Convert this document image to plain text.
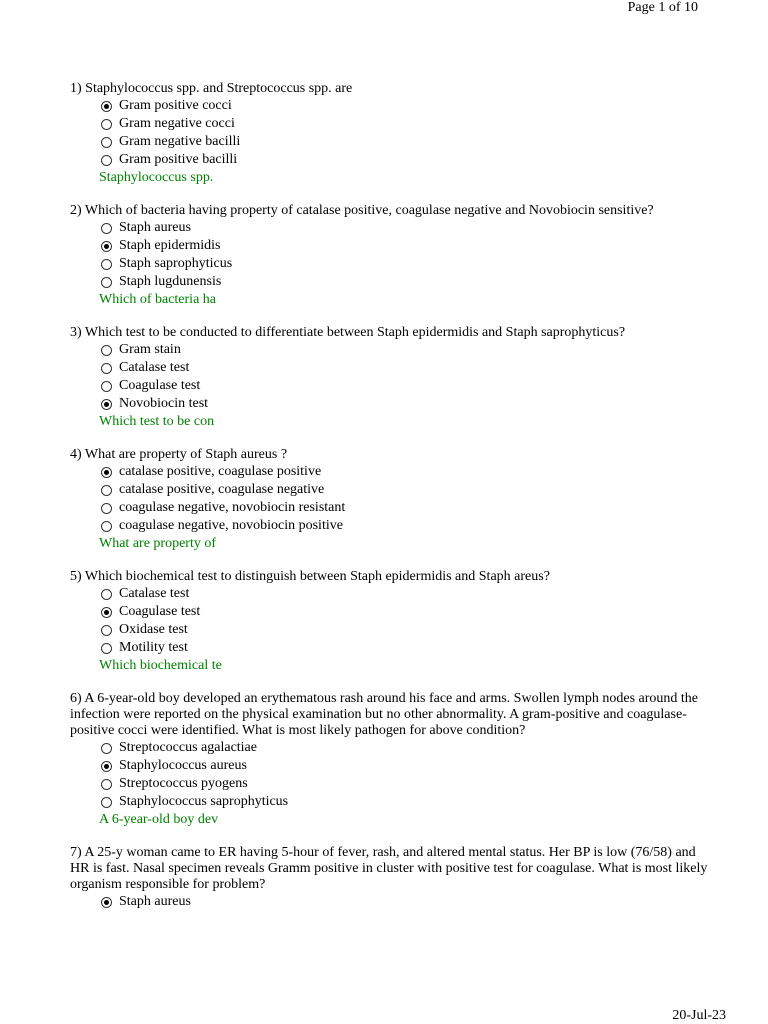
Page 1 of 10
1) Staphylococcus spp. and Streptococcus spp. are
Gram positive cocci
Gram negative cocci
Gram negative bacilli
Gram positive bacilli
Staphylococcus spp.
2) Which of bacteria having property of catalase positive, coagulase negative and Novobiocin sensitive?
Staph aureus
Staph epidermidis
Staph saprophyticus
Staph lugdunensis
Which of bacteria ha
3) Which test to be conducted to differentiate between Staph epidermidis and Staph saprophyticus?
Gram stain
Catalase test
Coagulase test
Novobiocin test
Which test to be con
4) What are property of Staph aureus ?
catalase positive, coagulase positive
catalase positive, coagulase negative
coagulase negative, novobiocin resistant
coagulase negative, novobiocin positive
What are property of
5) Which biochemical test to distinguish between Staph epidermidis and Staph areus?
Catalase test
Coagulase test
Oxidase test
Motility test
Which biochemical te
6) A 6-year-old boy developed an erythematous rash around his face and arms. Swollen lymph nodes around the infection were reported on the physical examination but no other abnormality. A gram-positive and coagulase-positive cocci were identified. What is most likely pathogen for above condition?
Streptococcus agalactiae
Staphylococcus aureus
Streptococcus pyogens
Staphylococcus saprophyticus
A 6-year-old boy dev
7) A 25-y woman came to ER having 5-hour of fever, rash, and altered mental status. Her BP is low (76/58) and HR is fast. Nasal specimen reveals Gramm positive in cluster with positive test for coagulase. What is most likely organism responsible for problem?
Staph aureus
20-Jul-23
